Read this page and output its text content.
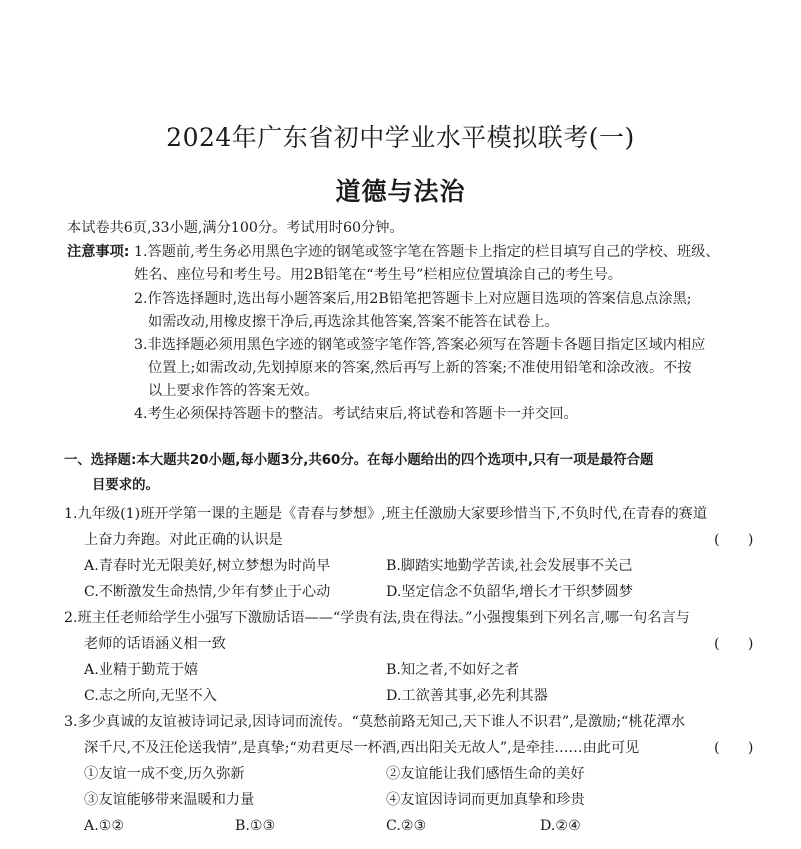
2024年广东省初中学业水平模拟联考(一)
道德与法治
本试卷共6页,33小题,满分100分。考试用时60分钟。
注意事项: 1.答题前,考生务必用黑色字迹的钢笔或签字笔在答题卡上指定的栏目填写自己的学校、班级、
姓名、座位号和考生号。用2B铅笔在“考生号”栏相应位置填涂自己的考生号。
2.作答选择题时,选出每小题答案后,用2B铅笔把答题卡上对应题目选项的答案信息点涂黑;
如需改动,用橡皮擦干净后,再选涂其他答案,答案不能答在试卷上。
3.非选择题必须用黑色字迹的钢笔或签字笔作答,答案必须写在答题卡各题目指定区域内相应
位置上;如需改动,先划掉原来的答案,然后再写上新的答案;不准使用铅笔和涂改液。不按
以上要求作答的答案无效。
4.考生必须保持答题卡的整洁。考试结束后,将试卷和答题卡一并交回。
一、选择题:本大题共20小题,每小题3分,共60分。在每小题给出的四个选项中,只有一项是最符合题
目要求的。
1.九年级(1)班开学第一课的主题是《青春与梦想》,班主任激励大家要珍惜当下,不负时代,在青春的赛道
上奋力奔跑。对此正确的认识是	(　　)
A.青春时光无限美好,树立梦想为时尚早	B.脚踏实地勤学苦读,社会发展事不关己
C.不断激发生命热情,少年有梦止于心动	D.坚定信念不负韶华,增长才干织梦圆梦
2.班主任老师给学生小强写下激励话语——“学贵有法,贵在得法。”小强搜集到下列名言,哪一句名言与
老师的话语涵义相一致	(　　)
A.业精于勤荒于嬉	B.知之者,不如好之者
C.志之所向,无坚不入	D.工欲善其事,必先利其器
3.多少真诚的友谊被诗词记录,因诗词而流传。“莫愁前路无知己,天下谁人不识君”,是激励;“桃花潭水
深千尺,不及汪伦送我情”,是真挚;“劝君更尽一杯酒,西出阳关无故人”,是牵挂……由此可见	(　　)
①友谊一成不变,历久弥新	②友谊能让我们感悟生命的美好
③友谊能够带来温暖和力量	④友谊因诗词而更加真挚和珍贵
A.①②	B.①③	C.②③	D.②④
